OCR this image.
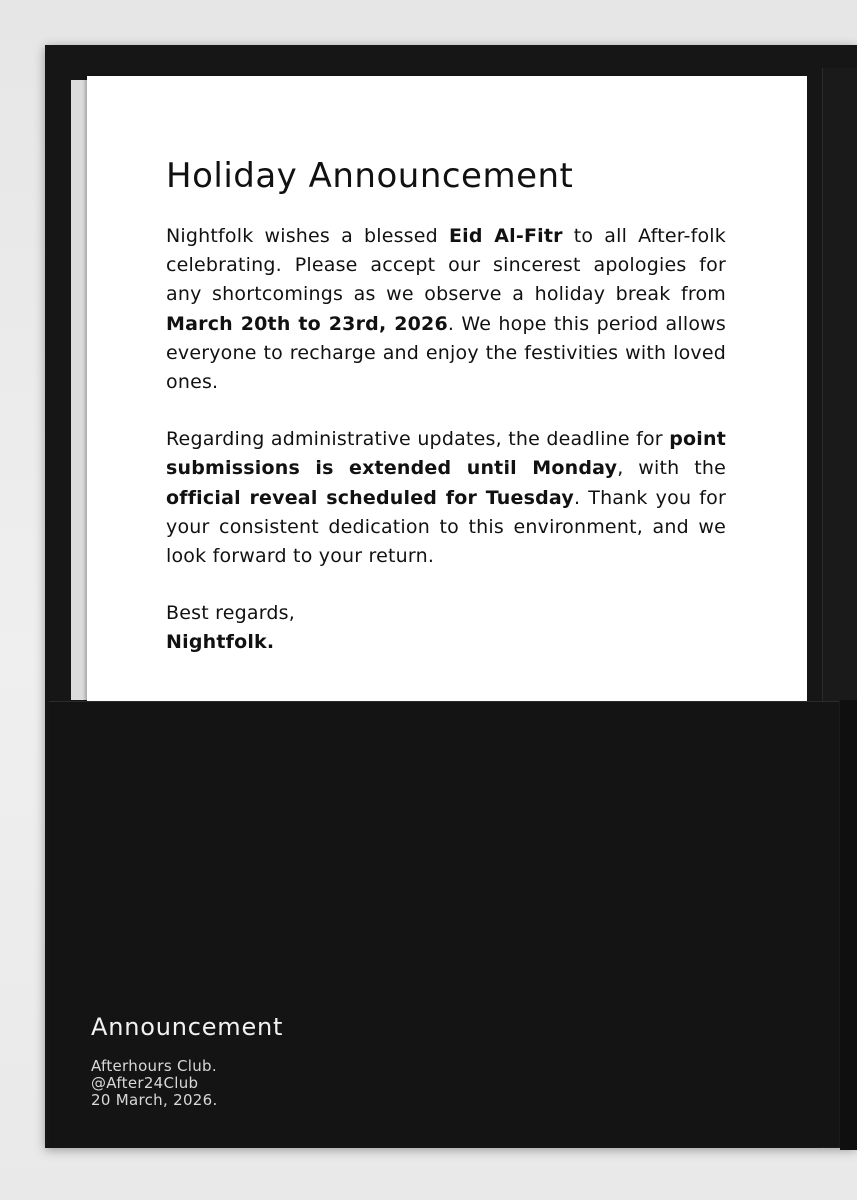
Holiday Announcement

Nightfolk wishes a blessed Eid Al-Fitr to all After-folk celebrating. Please accept our sincerest apologies for any shortcomings as we observe a holiday break from March 20th to 23rd, 2026. We hope this period allows everyone to recharge and enjoy the festivities with loved ones.

Regarding administrative updates, the deadline for point submissions is extended until Monday, with the official reveal scheduled for Tuesday. Thank you for your consistent dedication to this environment, and we look forward to your return.

Best regards,
Nightfolk.
Announcement
Afterhours Club.
@After24Club
20 March, 2026.
